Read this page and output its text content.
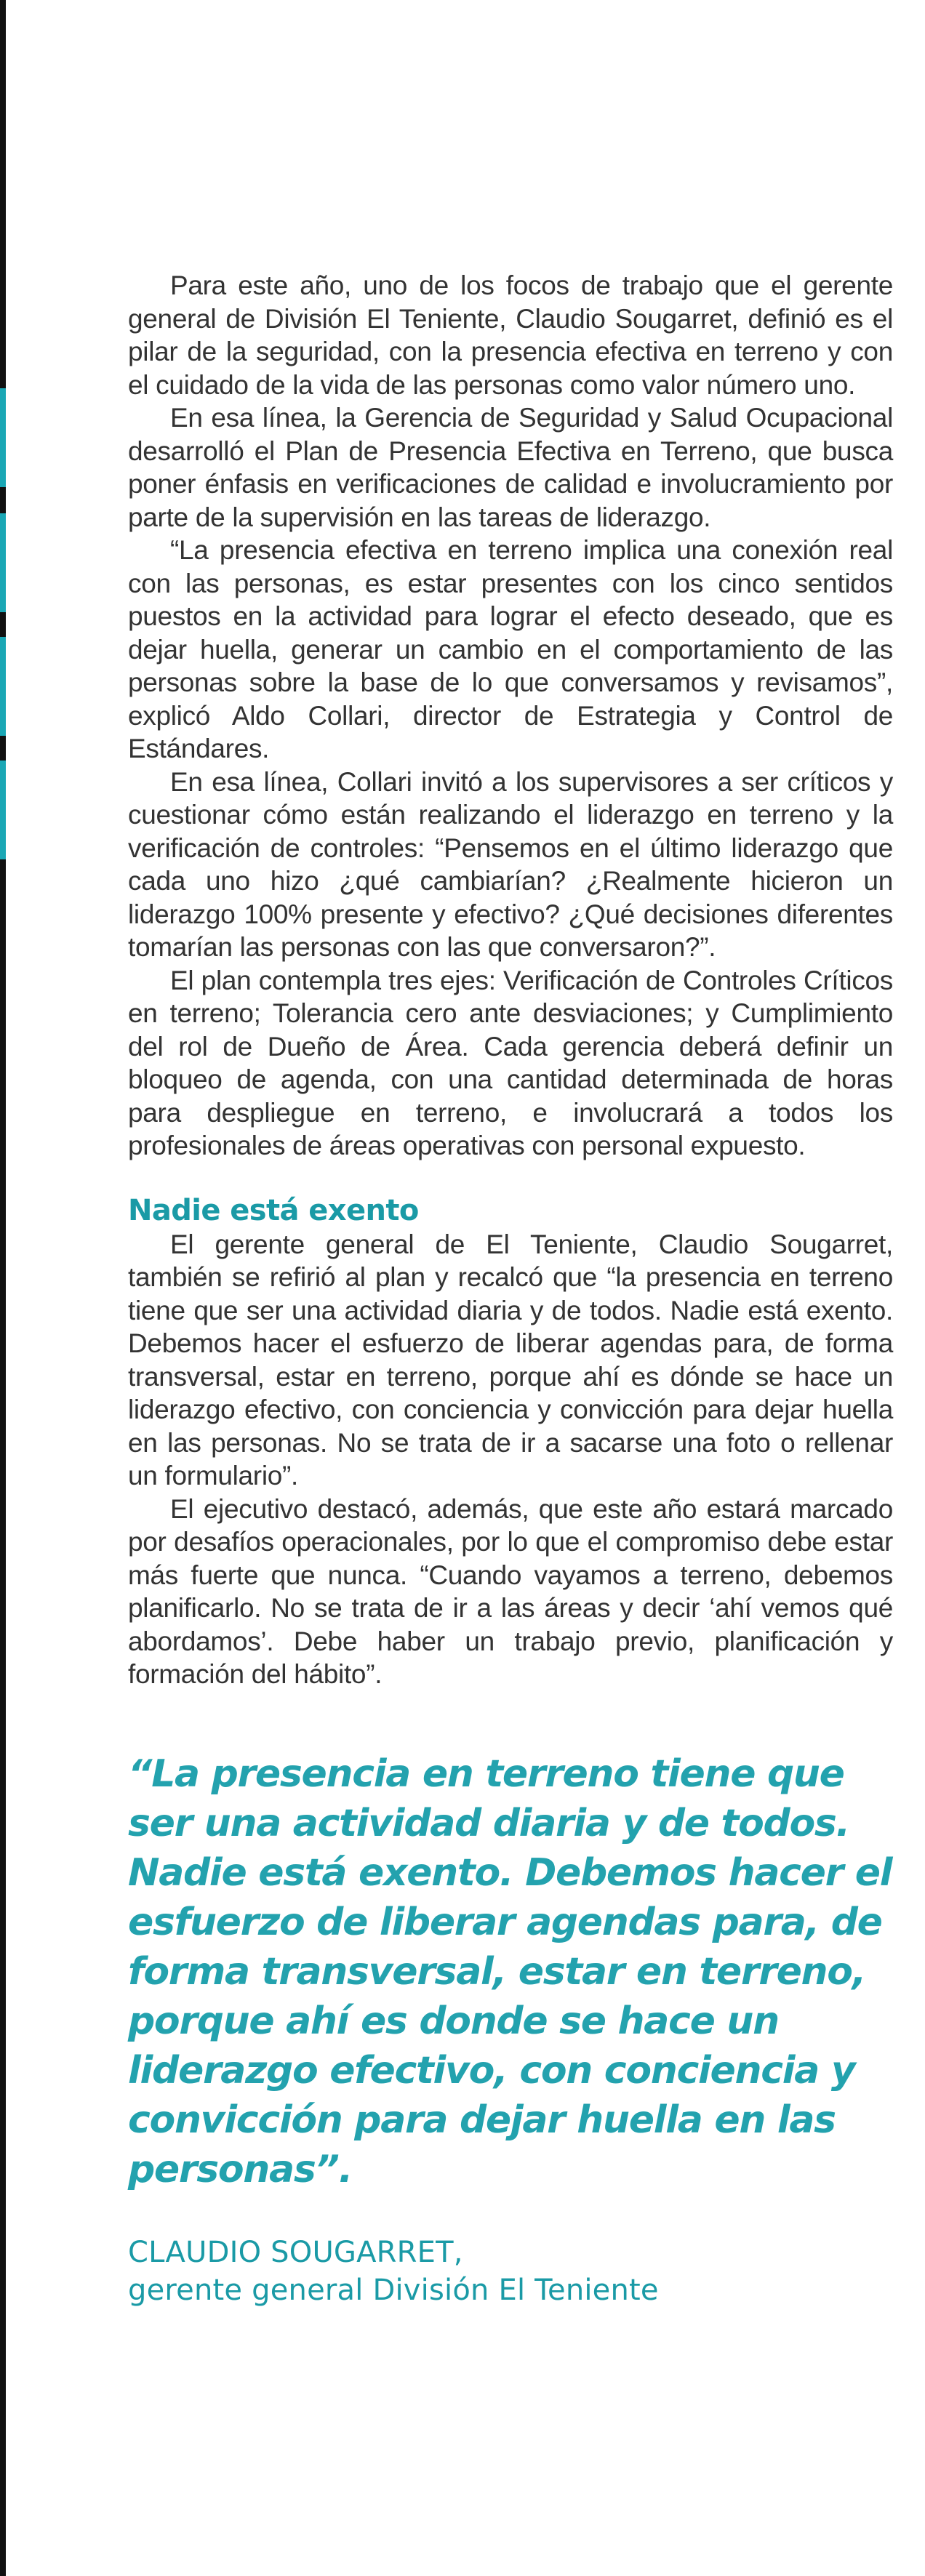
Para este año, uno de los focos de trabajo que el gerente general de División El Teniente, Claudio Sougarret, definió es el pilar de la seguridad, con la presencia efectiva en terreno y con el cuidado de la vida de las personas como valor número uno.

En esa línea, la Gerencia de Seguridad y Salud Ocupacional desarrolló el Plan de Presencia Efectiva en Terreno, que busca poner énfasis en verificaciones de calidad e involucramiento por parte de la supervisión en las tareas de liderazgo.

“La presencia efectiva en terreno implica una conexión real con las personas, es estar presentes con los cinco sentidos puestos en la actividad para lograr el efecto deseado, que es dejar huella, generar un cambio en el comportamiento de las personas sobre la base de lo que conversamos y revisamos”, explicó Aldo Collari, director de Estrategia y Control de Estándares.

En esa línea, Collari invitó a los supervisores a ser críticos y cuestionar cómo están realizando el liderazgo en terreno y la verificación de controles: “Pensemos en el último liderazgo que cada uno hizo ¿qué cambiarían? ¿Realmente hicieron un liderazgo 100% presente y efectivo? ¿Qué decisiones diferentes tomarían las personas con las que conversaron?”.

El plan contempla tres ejes: Verificación de Controles Críticos en terreno; Tolerancia cero ante desviaciones; y Cumplimiento del rol de Dueño de Área. Cada gerencia deberá definir un bloqueo de agenda, con una cantidad determinada de horas para despliegue en terreno, e involucrará a todos los profesionales de áreas operativas con personal expuesto.

Nadie está exento

El gerente general de El Teniente, Claudio Sougarret, también se refirió al plan y recalcó que “la presencia en terreno tiene que ser una actividad diaria y de todos. Nadie está exento. Debemos hacer el esfuerzo de liberar agendas para, de forma transversal, estar en terreno, porque ahí es dónde se hace un liderazgo efectivo, con conciencia y convicción para dejar huella en las personas. No se trata de ir a sacarse una foto o rellenar un formulario”.

El ejecutivo destacó, además, que este año estará marcado por desafíos operacionales, por lo que el compromiso debe estar más fuerte que nunca. “Cuando vayamos a terreno, debemos planificarlo. No se trata de ir a las áreas y decir ‘ahí vemos qué abordamos’. Debe haber un trabajo previo, planificación y formación del hábito”.

“La presencia en terreno tiene que ser una actividad diaria y de todos. Nadie está exento. Debemos hacer el esfuerzo de liberar agendas para, de forma transversal, estar en terreno, porque ahí es donde se hace un liderazgo efectivo, con conciencia y convicción para dejar huella en las personas”.
CLAUDIO SOUGARRET,
gerente general División El Teniente
